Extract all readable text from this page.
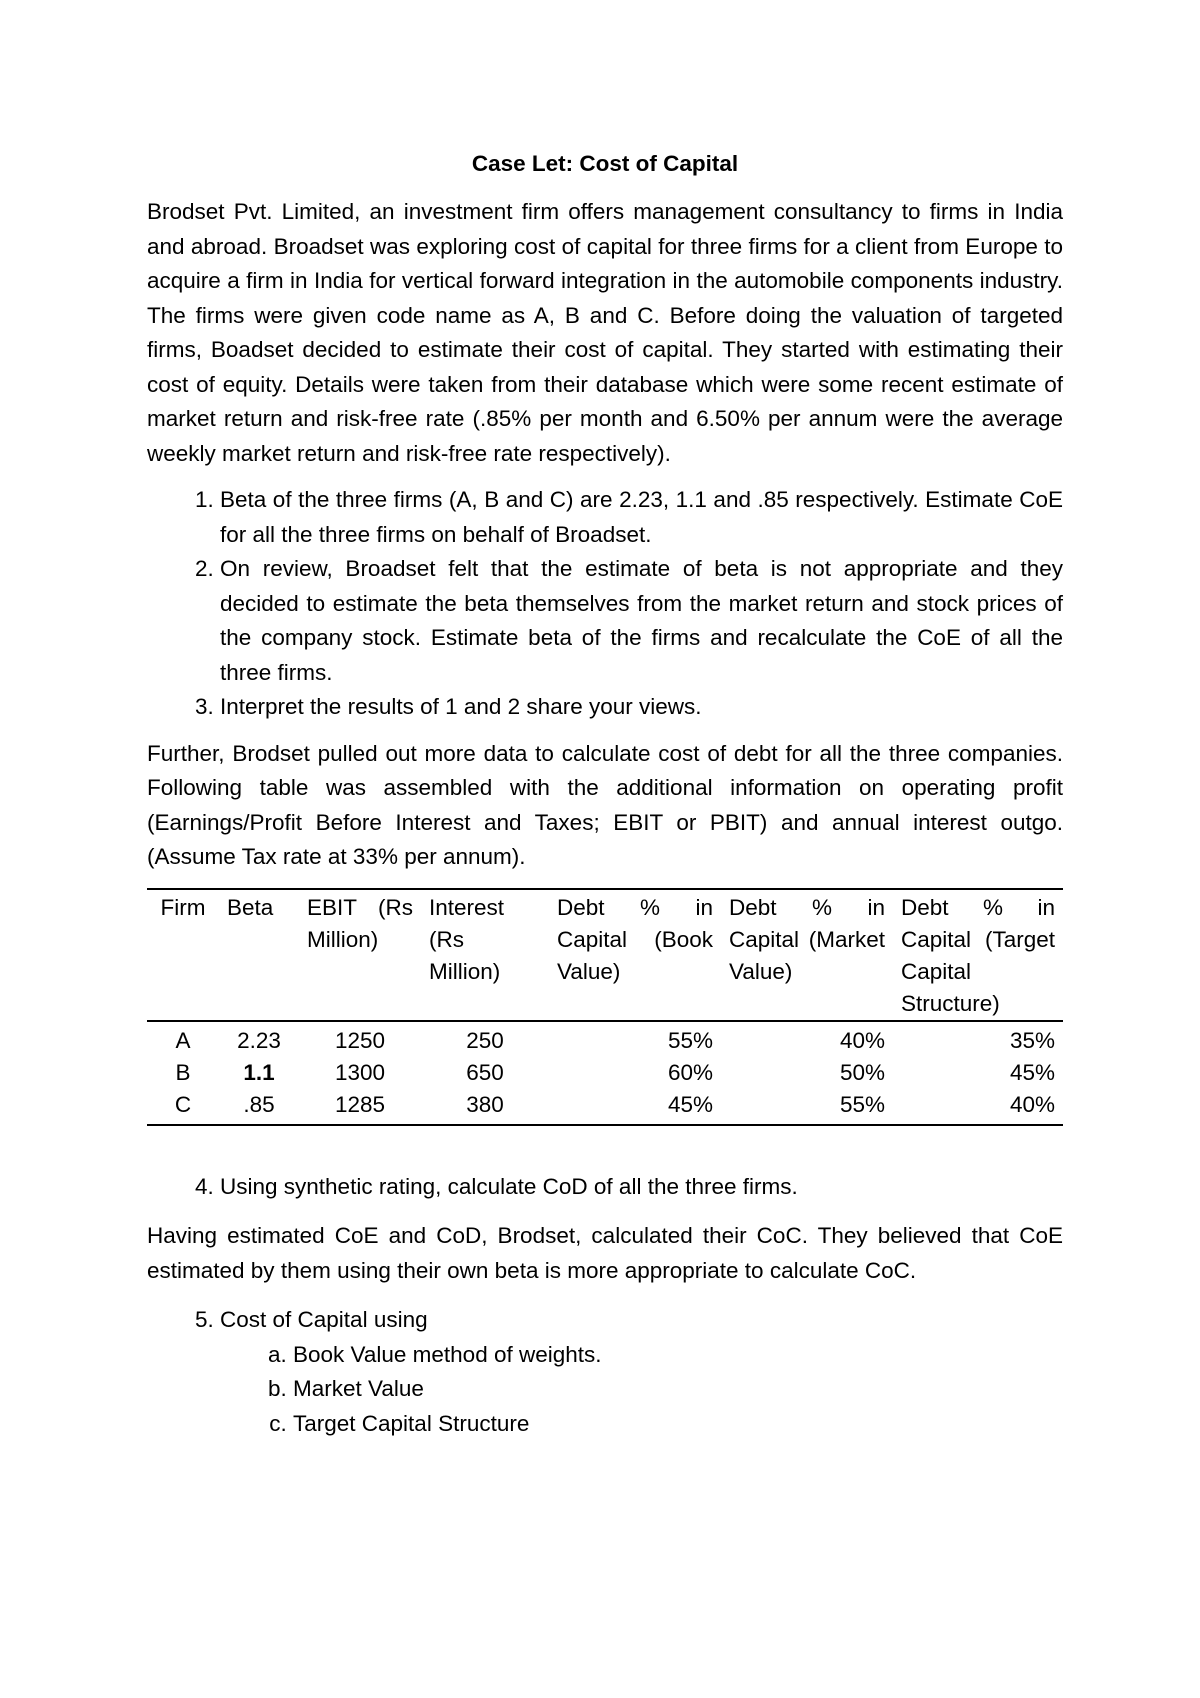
Case Let: Cost of Capital

Brodset Pvt. Limited, an investment firm offers management consultancy to firms in India and abroad. Broadset was exploring cost of capital for three firms for a client from Europe to acquire a firm in India for vertical forward integration in the automobile components industry. The firms were given code name as A, B and C. Before doing the valuation of targeted firms, Boadset decided to estimate their cost of capital. They started with estimating their cost of equity. Details were taken from their database which were some recent estimate of market return and risk-free rate (.85% per month and 6.50% per annum were the average weekly market return and risk-free rate respectively).

1. Beta of the three firms (A, B and C) are 2.23, 1.1 and .85 respectively. Estimate CoE for all the three firms on behalf of Broadset.
2. On review, Broadset felt that the estimate of beta is not appropriate and they decided to estimate the beta themselves from the market return and stock prices of the company stock. Estimate beta of the firms and recalculate the CoE of all the three firms.
3. Interpret the results of 1 and 2 share your views.

Further, Brodset pulled out more data to calculate cost of debt for all the three companies. Following table was assembled with the additional information on operating profit (Earnings/Profit Before Interest and Taxes; EBIT or PBIT) and annual interest outgo. (Assume Tax rate at 33% per annum).

Firm	Beta	EBIT (Rs Million)	Interest (Rs Million)	Debt % in Capital (Book Value)	Debt % in Capital (Market Value)	Debt % in Capital (Target Capital Structure)
A	2.23	1250	250	55%	40%	35%
B	1.1	1300	650	60%	50%	45%
C	.85	1285	380	45%	55%	40%
4. Using synthetic rating, calculate CoD of all the three firms.

Having estimated CoE and CoD, Brodset, calculated their CoC. They believed that CoE estimated by them using their own beta is more appropriate to calculate CoC.

5. Cost of Capital using
a. Book Value method of weights.
b. Market Value
c. Target Capital Structure
